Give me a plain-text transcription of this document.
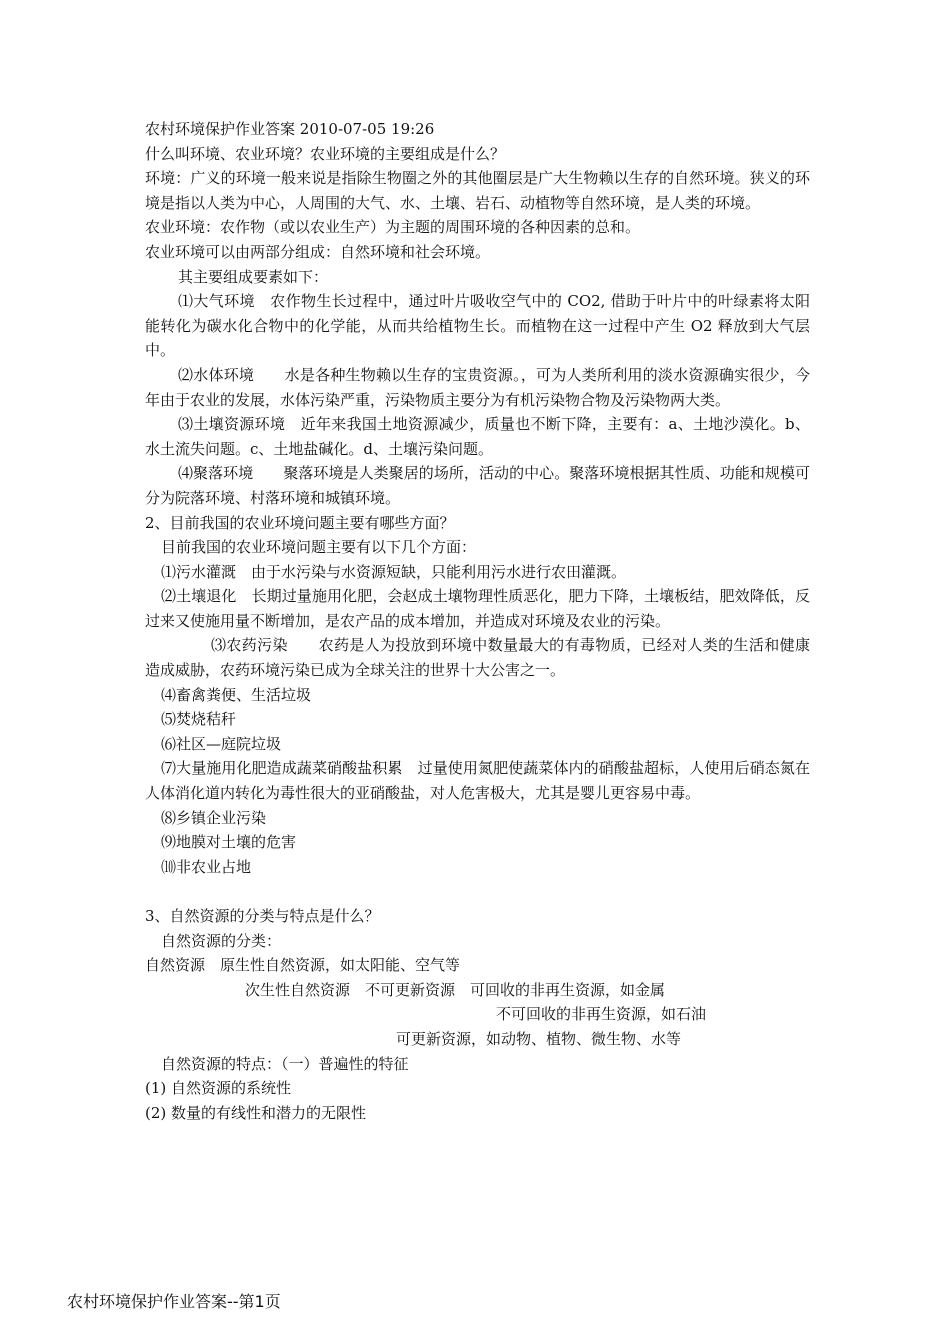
农村环境保护作业答案 2010-07-05 19:26

什么叫环境、农业环境？农业环境的主要组成是什么？

环境：广义的环境一般来说是指除生物圈之外的其他圈层是广大生物赖以生存的自然环境。狭义的环境是指以人类为中心，人周围的大气、水、土壤、岩石、动植物等自然环境，是人类的环境。

农业环境：农作物（或以农业生产）为主题的周围环境的各种因素的总和。

农业环境可以由两部分组成：自然环境和社会环境。

其主要组成要素如下：

⑴大气环境　农作物生长过程中，通过叶片吸收空气中的 CO2, 借助于叶片中的叶绿素将太阳能转化为碳水化合物中的化学能，从而共给植物生长。而植物在这一过程中产生 O2 释放到大气层中。

⑵水体环境　　水是各种生物赖以生存的宝贵资源。，可为人类所利用的淡水资源确实很少，今年由于农业的发展，水体污染严重，污染物质主要分为有机污染物合物及污染物两大类。

⑶土壤资源环境　近年来我国土地资源减少，质量也不断下降，主要有：a、土地沙漠化。b、水土流失问题。c、土地盐碱化。d、土壤污染问题。

⑷聚落环境　　聚落环境是人类聚居的场所，活动的中心。聚落环境根据其性质、功能和规模可分为院落环境、村落环境和城镇环境。

2、目前我国的农业环境问题主要有哪些方面？

目前我国的农业环境问题主要有以下几个方面：

⑴污水灌溉　由于水污染与水资源短缺，只能利用污水进行农田灌溉。

⑵土壤退化　长期过量施用化肥，会赵成土壤物理性质恶化，肥力下降，土壤板结，肥效降低，反过来又使施用量不断增加，是农产品的成本增加，并造成对环境及农业的污染。

⑶农药污染　　农药是人为投放到环境中数量最大的有毒物质，已经对人类的生活和健康造成威胁，农药环境污染已成为全球关注的世界十大公害之一。

⑷畜禽粪便、生活垃圾

⑸焚烧秸秆

⑹社区—庭院垃圾

⑺大量施用化肥造成蔬菜硝酸盐积累　过量使用氮肥使蔬菜体内的硝酸盐超标，人使用后硝态氮在人体消化道内转化为毒性很大的亚硝酸盐，对人危害极大，尤其是婴儿更容易中毒。

⑻乡镇企业污染

⑼地膜对土壤的危害

⑽非农业占地

3、自然资源的分类与特点是什么？

自然资源的分类：

自然资源　原生性自然资源，如太阳能、空气等

次生性自然资源　不可更新资源　可回收的非再生资源，如金属

不可回收的非再生资源，如石油

可更新资源，如动物、植物、微生物、水等

自然资源的特点：（一）普遍性的特征

(1) 自然资源的系统性

(2) 数量的有线性和潜力的无限性

农村环境保护作业答案--第1页
